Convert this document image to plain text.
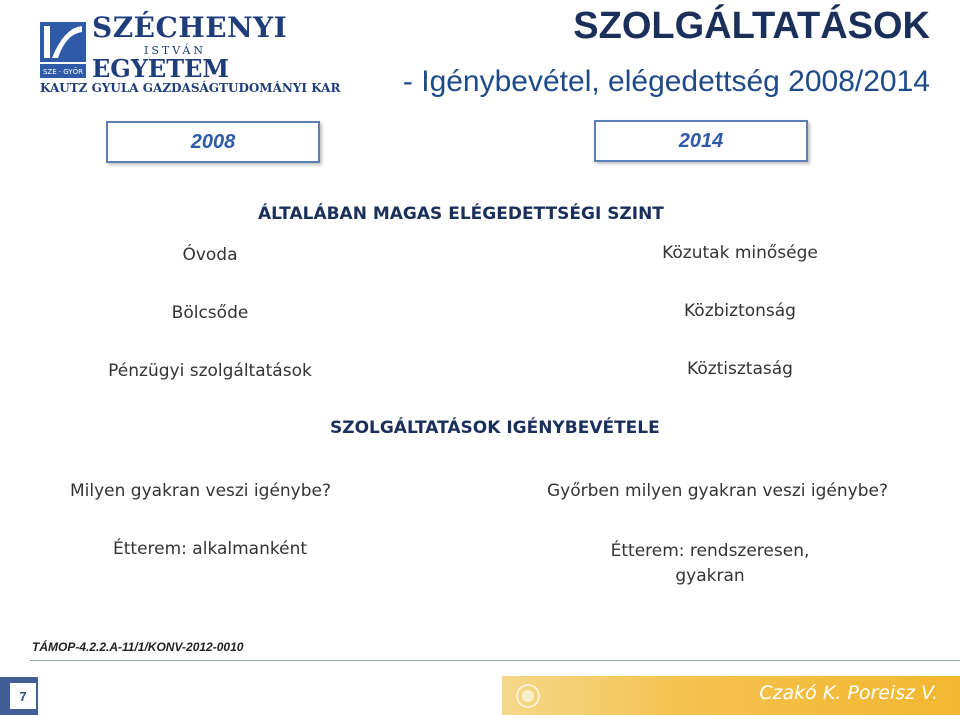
SZE · GYŐR
SZÉCHENYI
ISTVÁN
EGYETEM
KAUTZ GYULA GAZDASÁGTUDOMÁNYI KAR
SZOLGÁLTATÁSOK
- Igénybevétel, elégedettség 2008/2014
2008	2014
ÁLTALÁBAN MAGAS ELÉGEDETTSÉGI SZINT
Óvoda
Bölcsőde
Pénzügyi szolgáltatások
Közutak minősége
Közbiztonság
Köztisztaság
SZOLGÁLTATÁSOK IGÉNYBEVÉTELE
Milyen gyakran veszi igénybe?	Győrben milyen gyakran veszi igénybe?
Étterem: alkalmanként	Étterem: rendszeresen, gyakran
TÁMOP-4.2.2.A-11/1/KONV-2012-0010
7	Czakó K. Poreisz V.
